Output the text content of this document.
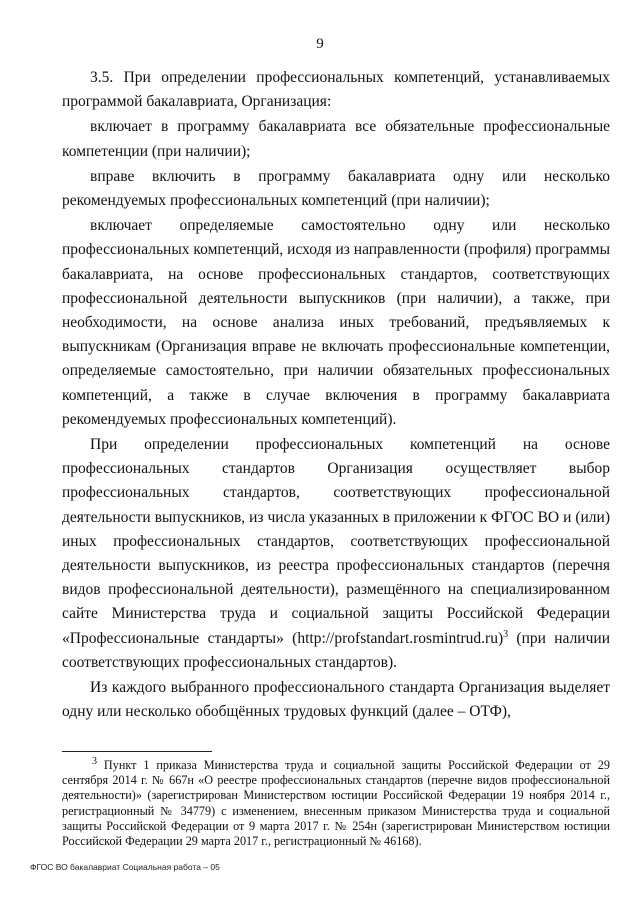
9

3.5. При определении профессиональных компетенций, устанавливаемых программой бакалавриата, Организация:

включает в программу бакалавриата все обязательные профессиональные компетенции (при наличии);

вправе включить в программу бакалавриата одну или несколько рекомендуемых профессиональных компетенций (при наличии);

включает определяемые самостоятельно одну или несколько профессиональных компетенций, исходя из направленности (профиля) программы бакалавриата, на основе профессиональных стандартов, соответствующих профессиональной деятельности выпускников (при наличии), а также, при необходимости, на основе анализа иных требований, предъявляемых к выпускникам (Организация вправе не включать профессиональные компетенции, определяемые самостоятельно, при наличии обязательных профессиональных компетенций, а также в случае включения в программу бакалавриата рекомендуемых профессиональных компетенций).

При определении профессиональных компетенций на основе профессиональных стандартов Организация осуществляет выбор профессиональных стандартов, соответствующих профессиональной деятельности выпускников, из числа указанных в приложении к ФГОС ВО и (или) иных профессиональных стандартов, соответствующих профессиональной деятельности выпускников, из реестра профессиональных стандартов (перечня видов профессиональной деятельности), размещённого на специализированном сайте Министерства труда и социальной защиты Российской Федерации «Профессиональные стандарты» (http://profstandart.rosmintrud.ru)$^3$ (при наличии соответствующих профессиональных стандартов).

Из каждого выбранного профессионального стандарта Организация выделяет одну или несколько обобщённых трудовых функций (далее – ОТФ),

$^3$ Пункт 1 приказа Министерства труда и социальной защиты Российской Федерации от 29 сентября 2014 г. № 667н «О реестре профессиональных стандартов (перечне видов профессиональной деятельности)» (зарегистрирован Министерством юстиции Российской Федерации 19 ноября 2014 г., регистрационный № 34779) с изменением, внесенным приказом Министерства труда и социальной защиты Российской Федерации от 9 марта 2017 г. № 254н (зарегистрирован Министерством юстиции Российской Федерации 29 марта 2017 г., регистрационный № 46168).

ФГОС ВО бакалавриат Социальная работа – 05
